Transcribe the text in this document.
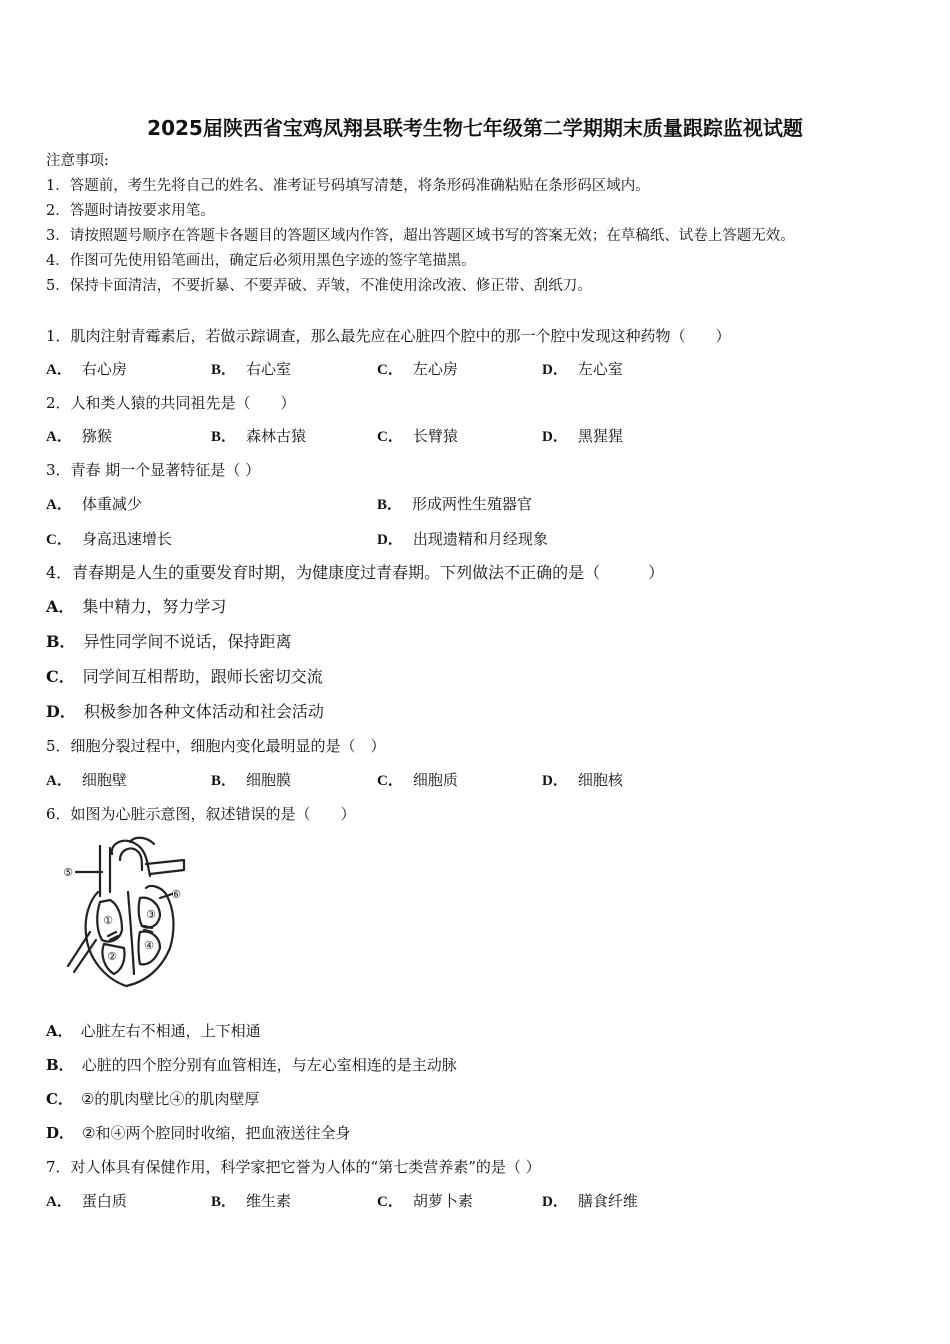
2025届陕西省宝鸡凤翔县联考生物七年级第二学期期末质量跟踪监视试题
注意事项:
1．答题前，考生先将自己的姓名、准考证号码填写清楚，将条形码准确粘贴在条形码区域内。
2．答题时请按要求用笔。
3．请按照题号顺序在答题卡各题目的答题区域内作答，超出答题区域书写的答案无效；在草稿纸、试卷上答题无效。
4．作图可先使用铅笔画出，确定后必须用黑色字迹的签字笔描黑。
5．保持卡面清洁，不要折暴、不要弄破、弄皱，不准使用涂改液、修正带、刮纸刀。
1．肌肉注射青霉素后，若做示踪调查，那么最先应在心脏四个腔中的那一个腔中发现这种药物（　　）
A． 右心房	B． 右心室	C． 左心房	D． 左心室
2．人和类人猿的共同祖先是（　　）
A． 猕猴	B． 森林古猿	C． 长臂猿	D． 黑猩猩
3．青春 期一个显著特征是（ ）
A． 体重减少	B． 形成两性生殖器官
C． 身高迅速增长	D． 出现遗精和月经现象
4．青春期是人生的重要发育时期，为健康度过青春期。下列做法不正确的是（　　　）
A． 集中精力，努力学习
B． 异性同学间不说话，保持距离
C． 同学间互相帮助，跟师长密切交流
D． 积极参加各种文体活动和社会活动
5．细胞分裂过程中，细胞内变化最明显的是（　）
A． 细胞壁	B． 细胞膜	C． 细胞质	D． 细胞核
6．如图为心脏示意图，叙述错误的是（　　）
①
②
③
④
⑤
⑥
A． 心脏左右不相通，上下相通
B． 心脏的四个腔分别有血管相连，与左心室相连的是主动脉
C． ②的肌肉壁比④的肌肉壁厚
D． ②和④两个腔同时收缩，把血液送往全身
7．对人体具有保健作用，科学家把它誉为人体的“第七类营养素”的是（ ）
A． 蛋白质	B． 维生素	C． 胡萝卜素	D． 膳食纤维
